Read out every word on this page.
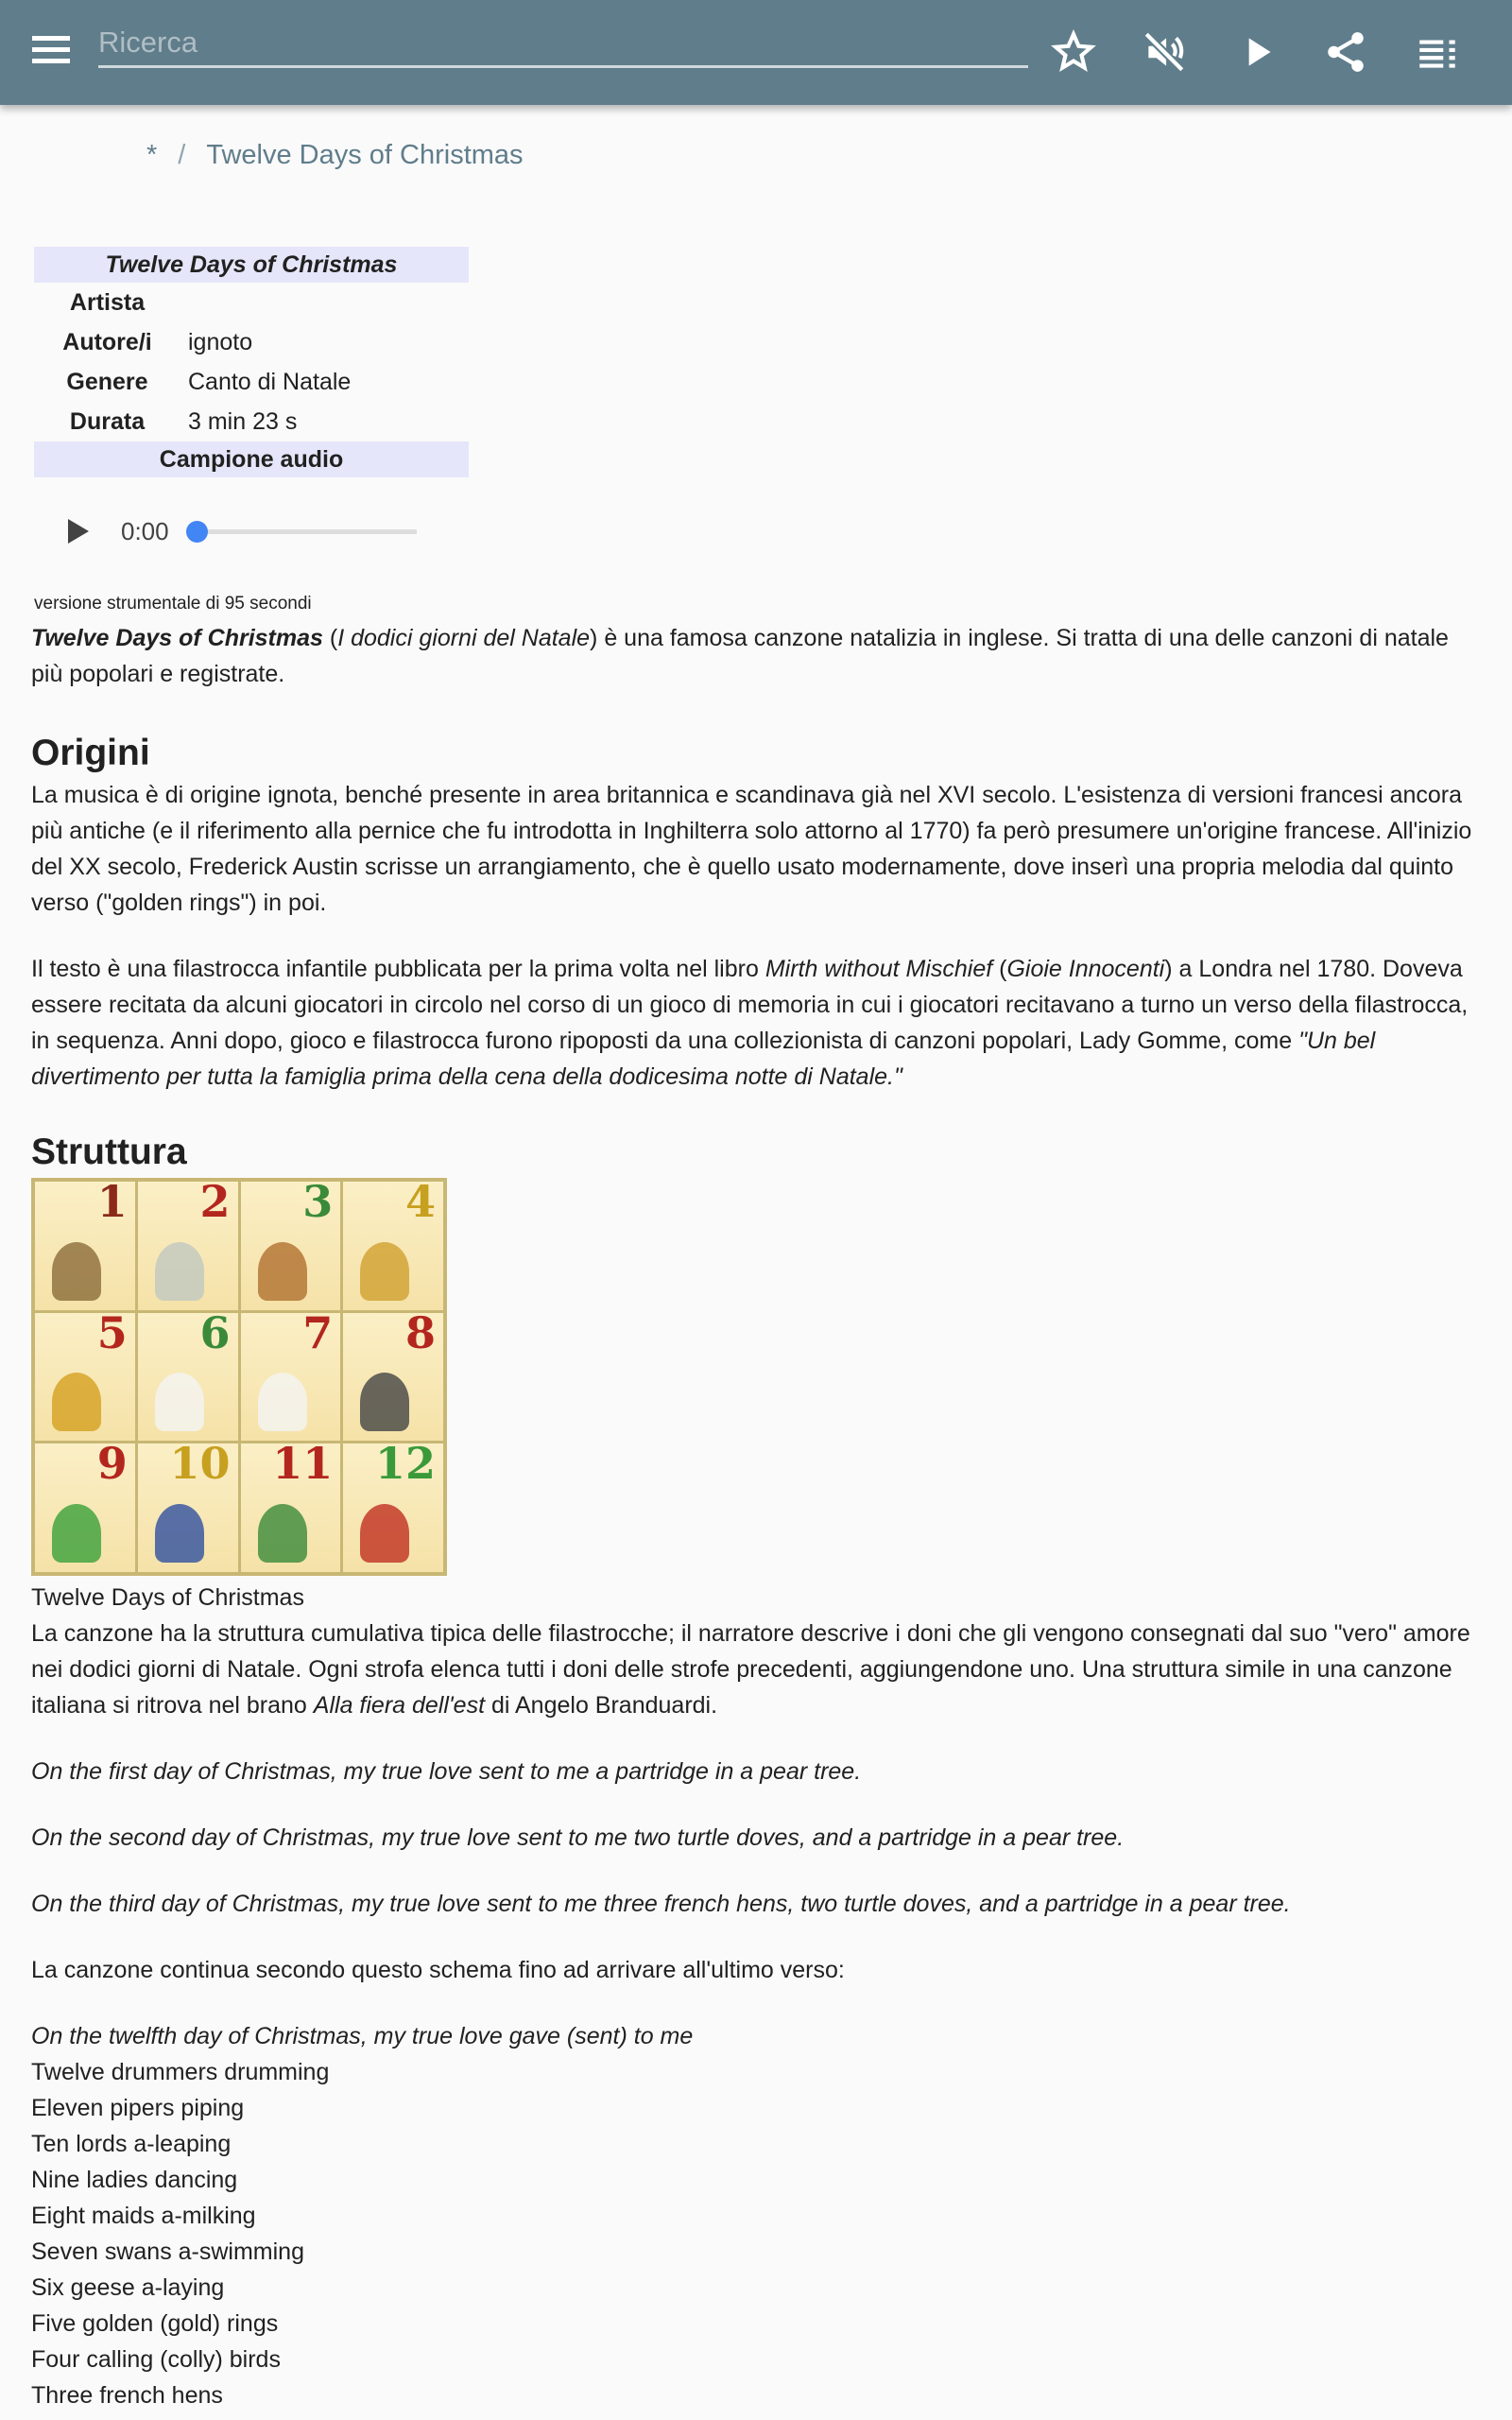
Ricerca
* / Twelve Days of Christmas
Twelve Days of Christmas	
Artista	
Autore/i	ignoto
Genere	Canto di Natale
Durata	3 min 23 s
Campione audio	
0:00
versione strumentale di 95 secondi

Twelve Days of Christmas (I dodici giorni del Natale) è una famosa canzone natalizia in inglese. Si tratta di una delle canzoni di natale più popolari e registrate.

Origini

La musica è di origine ignota, benché presente in area britannica e scandinava già nel XVI secolo. L'esistenza di versioni francesi ancora più antiche (e il riferimento alla pernice che fu introdotta in Inghilterra solo attorno al 1770) fa però presumere un'origine francese. All'inizio del XX secolo, Frederick Austin scrisse un arrangiamento, che è quello usato modernamente, dove inserì una propria melodia dal quinto verso ("golden rings") in poi.

Il testo è una filastrocca infantile pubblicata per la prima volta nel libro Mirth without Mischief (Gioie Innocenti) a Londra nel 1780. Doveva essere recitata da alcuni giocatori in circolo nel corso di un gioco di memoria in cui i giocatori recitavano a turno un verso della filastrocca, in sequenza. Anni dopo, gioco e filastrocca furono ripoposti da una collezionista di canzoni popolari, Lady Gomme, come "Un bel divertimento per tutta la famiglia prima della cena della dodicesima notte di Natale."

Struttura
1 2 3 4
5 6 7 8
9 10 11 12
Twelve Days of Christmas

La canzone ha la struttura cumulativa tipica delle filastrocche; il narratore descrive i doni che gli vengono consegnati dal suo "vero" amore nei dodici giorni di Natale. Ogni strofa elenca tutti i doni delle strofe precedenti, aggiungendone uno. Una struttura simile in una canzone italiana si ritrova nel brano Alla fiera dell'est di Angelo Branduardi.

On the first day of Christmas, my true love sent to me a partridge in a pear tree.

On the second day of Christmas, my true love sent to me two turtle doves, and a partridge in a pear tree.

On the third day of Christmas, my true love sent to me three french hens, two turtle doves, and a partridge in a pear tree.

La canzone continua secondo questo schema fino ad arrivare all'ultimo verso:

On the twelfth day of Christmas, my true love gave (sent) to me
Twelve drummers drumming
Eleven pipers piping
Ten lords a-leaping
Nine ladies dancing
Eight maids a-milking
Seven swans a-swimming
Six geese a-laying
Five golden (gold) rings
Four calling (colly) birds
Three french hens
